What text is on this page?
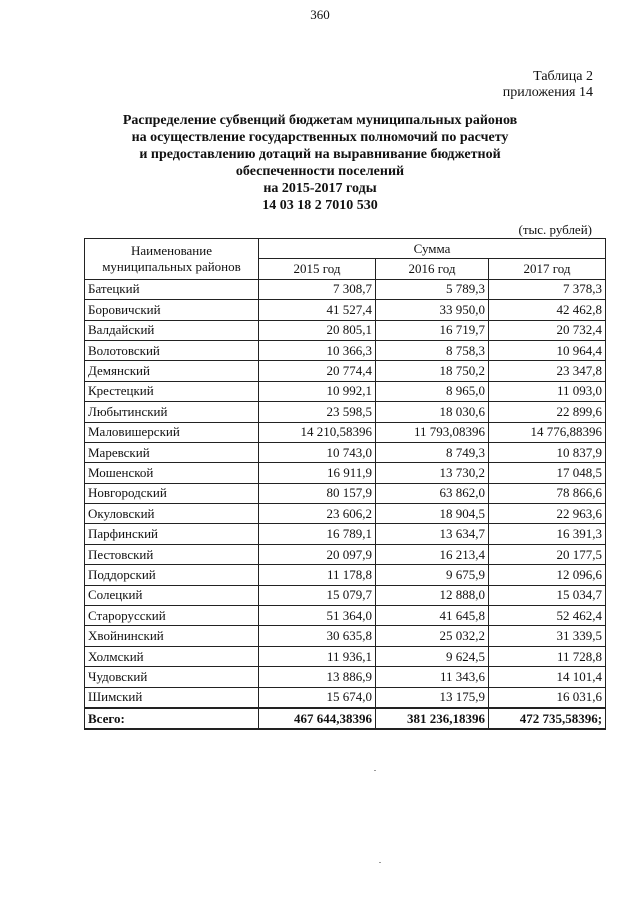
360
Таблица 2
приложения 14
Распределение субвенций бюджетам муниципальных районов
на осуществление государственных полномочий по расчету
и предоставлению дотаций на выравнивание бюджетной
обеспеченности поселений
на 2015-2017 годы
14 03 18 2 7010 530
(тыс. рублей)
Наименование муниципальных районов	Сумма		
	2015 год	2016 год	2017 год
Батецкий	7 308,7	5 789,3	7 378,3
Боровичский	41 527,4	33 950,0	42 462,8
Валдайский	20 805,1	16 719,7	20 732,4
Волотовский	10 366,3	8 758,3	10 964,4
Демянский	20 774,4	18 750,2	23 347,8
Крестецкий	10 992,1	8 965,0	11 093,0
Любытинский	23 598,5	18 030,6	22 899,6
Маловишерский	14 210,58396	11 793,08396	14 776,88396
Маревский	10 743,0	8 749,3	10 837,9
Мошенской	16 911,9	13 730,2	17 048,5
Новгородский	80 157,9	63 862,0	78 866,6
Окуловский	23 606,2	18 904,5	22 963,6
Парфинский	16 789,1	13 634,7	16 391,3
Пестовский	20 097,9	16 213,4	20 177,5
Поддорский	11 178,8	9 675,9	12 096,6
Солецкий	15 079,7	12 888,0	15 034,7
Старорусский	51 364,0	41 645,8	52 462,4
Хвойнинский	30 635,8	25 032,2	31 339,5
Холмский	11 936,1	9 624,5	11 728,8
Чудовский	13 886,9	11 343,6	14 101,4
Шимский	15 674,0	13 175,9	16 031,6
Всего:	467 644,38396	381 236,18396	472 735,58396;
